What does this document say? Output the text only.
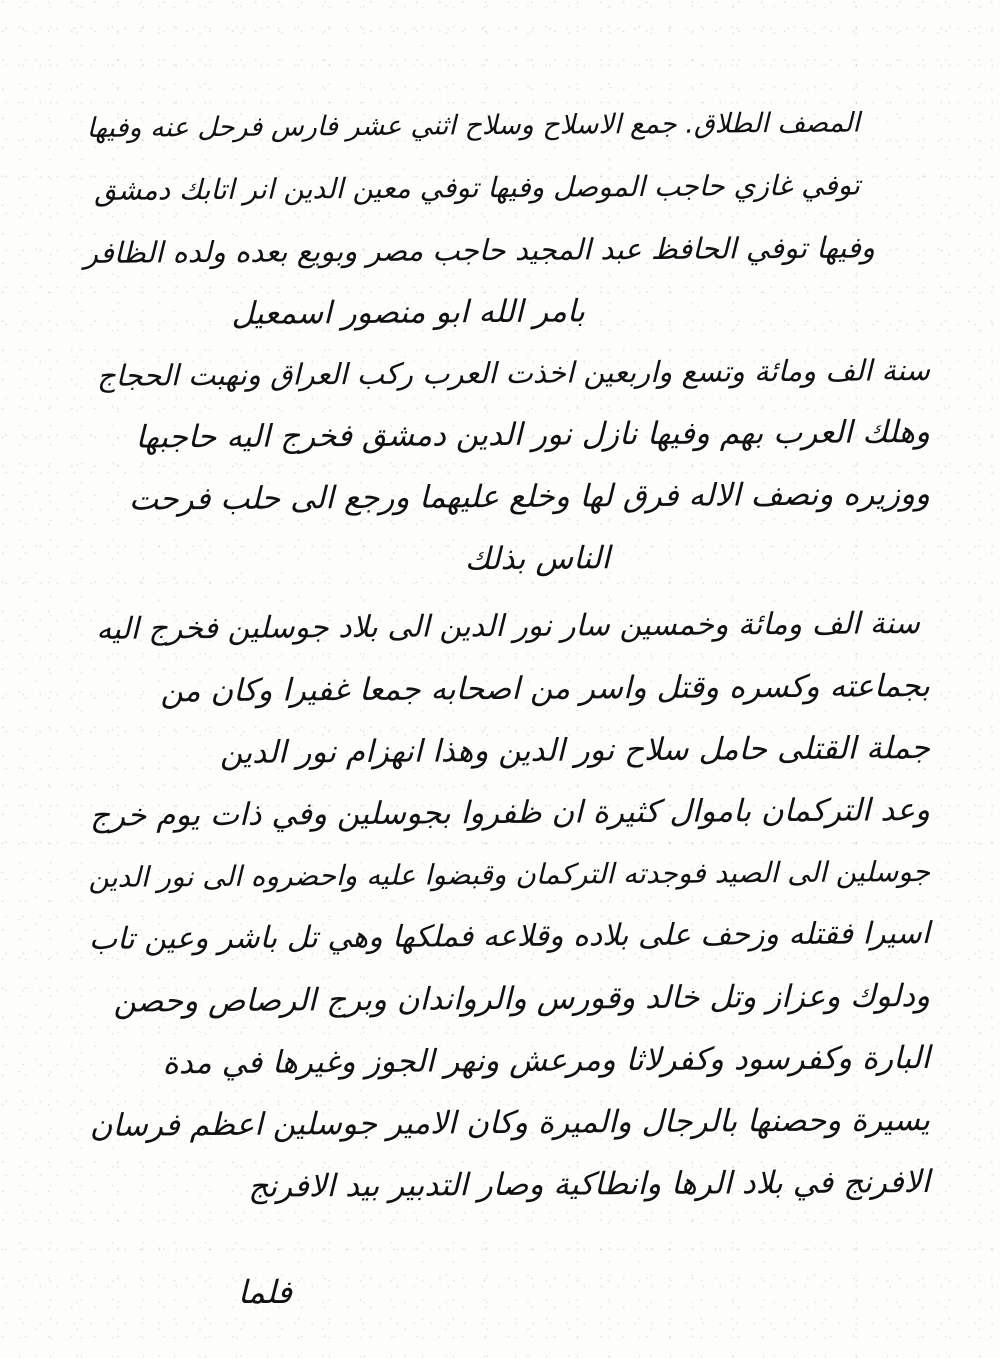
المصف الطلاق. جمع الاسلاح وسلاح اثني عشر فارس فرحل عنه وفيها
توفي غازي حاجب الموصل وفيها توفي معين الدين انر اتابك دمشق
وفيها توفي الحافظ عبد المجيد حاجب مصر وبويع بعده ولده الظافر
بامر الله ابو منصور اسمعيل
سنة الف ومائة وتسع واربعين اخذت العرب ركب العراق ونهبت الحجاج
وهلك العرب بهم وفيها نازل نور الدين دمشق فخرج اليه حاجبها
ووزيره ونصف الاله فرق لها وخلع عليهما ورجع الى حلب فرحت
الناس بذلك
سنة الف ومائة وخمسين سار نور الدين الى بلاد جوسلين فخرج اليه
بجماعته وكسره وقتل واسر من اصحابه جمعا غفيرا وكان من
جملة القتلى حامل سلاح نور الدين وهذا انهزام نور الدين
وعد التركمان باموال كثيرة ان ظفروا بجوسلين وفي ذات يوم خرج
جوسلين الى الصيد فوجدته التركمان وقبضوا عليه واحضروه الى نور الدين
اسيرا فقتله وزحف على بلاده وقلاعه فملكها وهي تل باشر وعين تاب
ودلوك وعزاز وتل خالد وقورس والرواندان وبرج الرصاص وحصن
البارة وكفرسود وكفرلاثا ومرعش ونهر الجوز وغيرها في مدة
يسيرة وحصنها بالرجال والميرة وكان الامير جوسلين اعظم فرسان
الافرنج في بلاد الرها وانطاكية وصار التدبير بيد الافرنج
فلما
